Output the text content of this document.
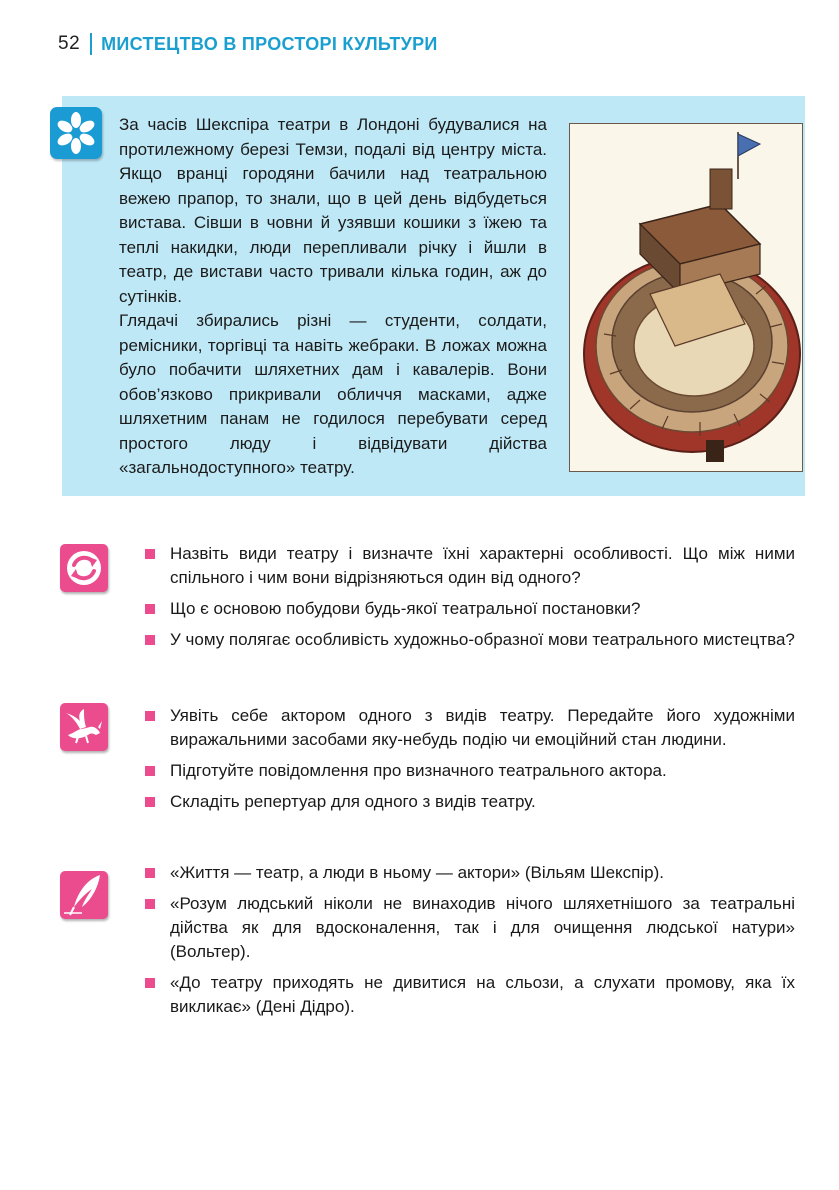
52 МИСТЕЦТВО В ПРОСТОРІ КУЛЬТУРИ

За часів Шекспіра театри в Лондоні будувалися на протилежному березі Темзи, подалі від центру міста. Якщо вранці городяни бачили над театральною вежею прапор, то знали, що в цей день відбудеться вистава. Сівши в човни й узявши кошики з їжею та теплі накидки, люди перепливали річку і йшли в театр, де вистави часто тривали кілька годин, аж до сутінків.

Глядачі збирались різні — студенти, солдати, ремісники, торгівці та навіть жебраки. В ложах можна було побачити шляхетних дам і кавалерів. Вони обов’язково прикривали обличчя масками, адже шляхетним панам не годилося перебувати серед простого люду і відвідувати дійства «загальнодоступного» театру.

Назвіть види театру і визначте їхні характерні особливості. Що між ними спільного і чим вони відрізняються один від одного?
Що є основою побудови будь-якої театральної постановки?
У чому полягає особливість художньо-образної мови театрального мистецтва?
Уявіть себе актором одного з видів театру. Передайте його художніми виражальними засобами яку-небудь подію чи емоційний стан людини.
Підготуйте повідомлення про визначного театрального актора.
Складіть репертуар для одного з видів театру.
«Життя — театр, а люди в ньому — актори» (Вільям Шекспір).
«Розум людський ніколи не винаходив нічого шляхетнішого за театральні дійства як для вдосконалення, так і для очищення людської натури» (Вольтер).
«До театру приходять не дивитися на сльози, а слухати промову, яка їх викликає» (Дені Дідро).
